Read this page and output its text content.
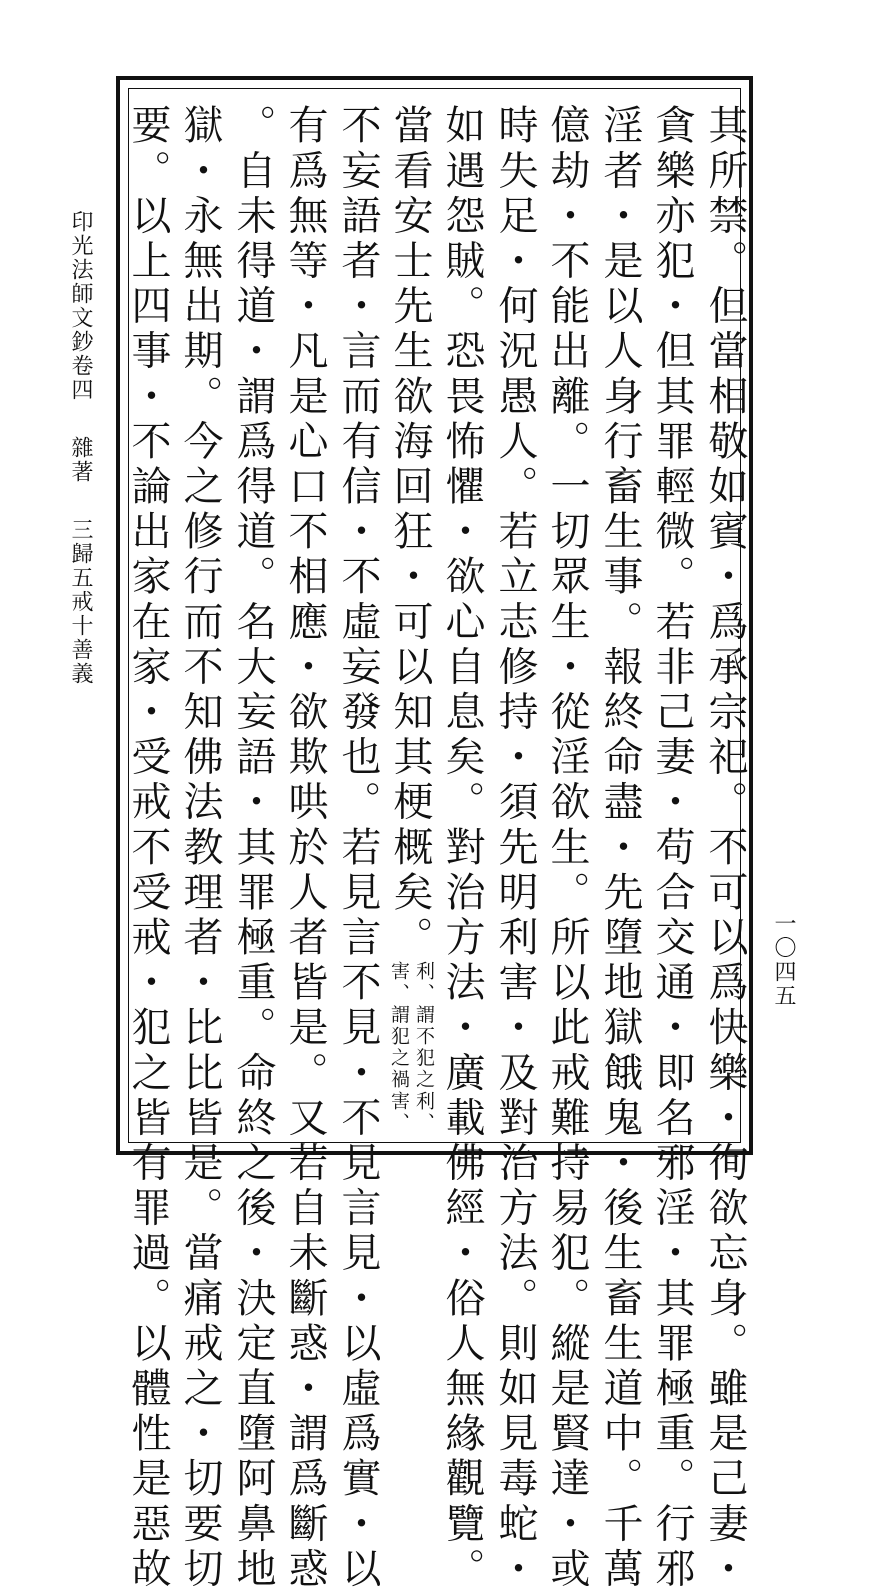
印光法師文鈔卷四雜著三歸五戒十善義	其所禁。但當相敬如賓・爲承宗祀。不可以爲快樂・徇欲忘身。雖是己妻・
貪樂亦犯・但其罪輕微。若非己妻・苟合交通・即名邪淫・其罪極重。行邪
淫者・是以人身行畜生事。報終命盡・先墮地獄餓鬼・後生畜生道中。千萬
億劫・不能出離。一切眾生・從淫欲生。所以此戒難持易犯。縱是賢達・或
時失足・何況愚人。若立志修持・須先明利害・及對治方法。則如見毒蛇・
如遇怨賊。恐畏怖懼・欲心自息矣。對治方法・廣載佛經・俗人無緣觀覽。
當看安士先生欲海回狂・可以知其梗概矣。利、謂不犯之利、害、謂犯之禍害、
不妄語者・言而有信・不虛妄發也。若見言不見・不見言見・以虛爲實・以
有爲無等・凡是心口不相應・欲欺哄於人者皆是。又若自未斷惑・謂爲斷惑
。自未得道・謂爲得道。名大妄語・其罪極重。命終之後・決定直墮阿鼻地
獄・永無出期。今之修行而不知佛法教理者・比比皆是。當痛戒之・切要切
要。以上四事・不論出家在家・受戒不受戒・犯之皆有罪過。以體性是惡故	一〇四五
